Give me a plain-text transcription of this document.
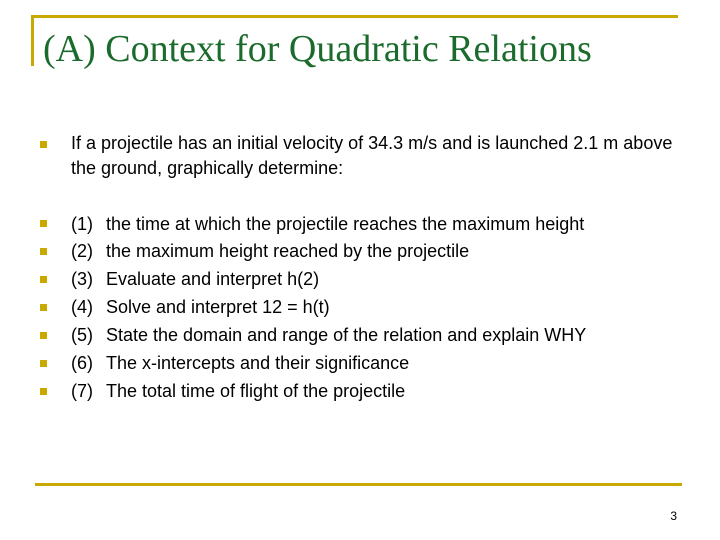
(A) Context for Quadratic Relations
If a projectile has an initial velocity of 34.3 m/s and is launched 2.1 m above the ground, graphically determine:
(1) the time at which the projectile reaches the maximum height
(2) the maximum height reached by the projectile
(3) Evaluate and interpret h(2)
(4) Solve and interpret 12 = h(t)
(5) State the domain and range of the relation and explain WHY
(6) The x-intercepts and their significance
(7) The total time of flight of the projectile
3
